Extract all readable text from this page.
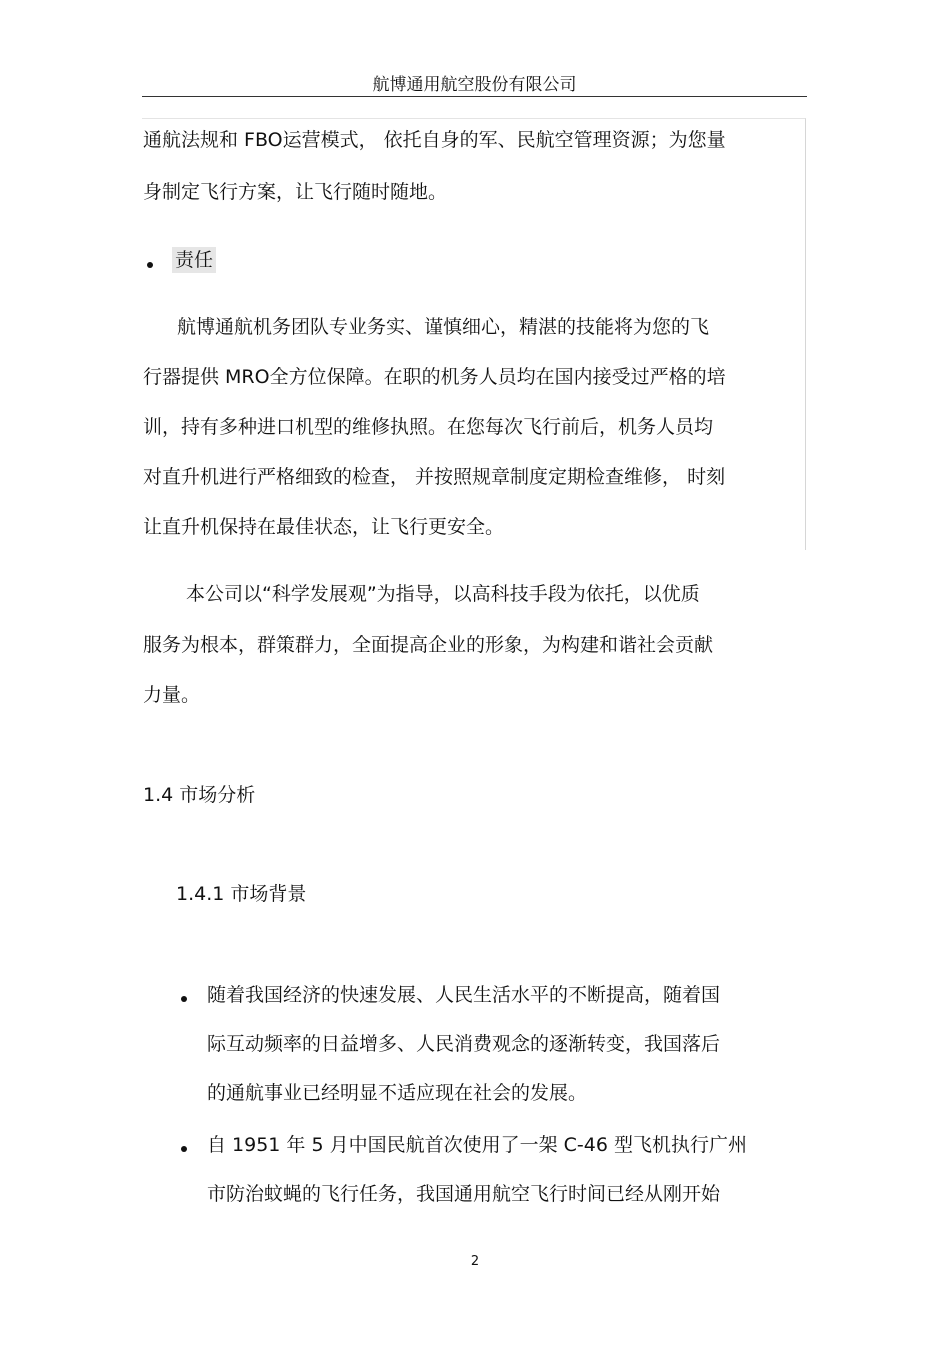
航博通用航空股份有限公司
通航法规和 FBO运营模式， 依托自身的军、民航空管理资源；为您量
身制定飞行方案，让飞行随时随地。
责任
航博通航机务团队专业务实、谨慎细心，精湛的技能将为您的飞
行器提供 MRO全方位保障。在职的机务人员均在国内接受过严格的培
训，持有多种进口机型的维修执照。在您每次飞行前后，机务人员均
对直升机进行严格细致的检查， 并按照规章制度定期检查维修， 时刻
让直升机保持在最佳状态，让飞行更安全。
本公司以“科学发展观”为指导，以高科技手段为依托，以优质
服务为根本，群策群力，全面提高企业的形象，为构建和谐社会贡献
力量。
1.4 市场分析
1.4.1 市场背景
随着我国经济的快速发展、人民生活水平的不断提高，随着国
际互动频率的日益增多、人民消费观念的逐渐转变，我国落后
的通航事业已经明显不适应现在社会的发展。
自 1951 年 5 月中国民航首次使用了一架 C-46 型飞机执行广州
市防治蚊蝇的飞行任务，我国通用航空飞行时间已经从刚开始
2
